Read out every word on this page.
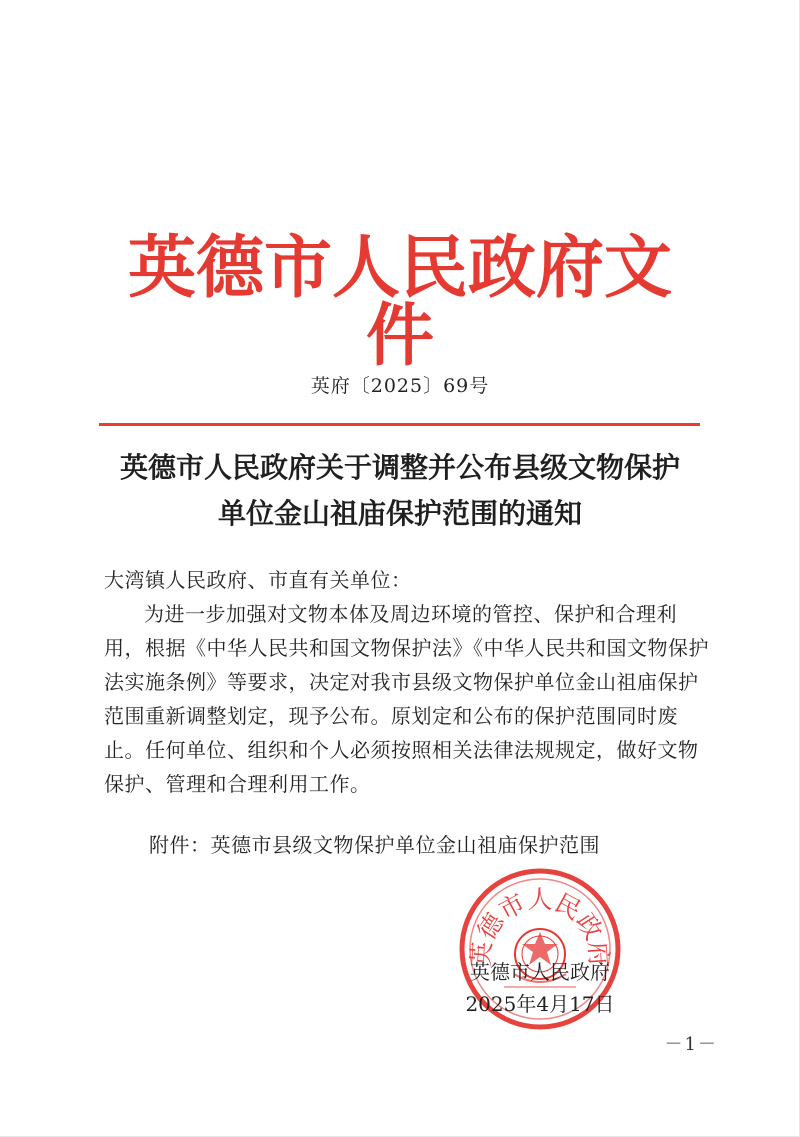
英德市人民政府文件
英府〔2025〕69号
英德市人民政府关于调整并公布县级文物保护
单位金山祖庙保护范围的通知

大湾镇人民政府、市直有关单位：

为进一步加强对文物本体及周边环境的管控、保护和合理利用，根据《中华人民共和国文物保护法》《中华人民共和国文物保护法实施条例》等要求，决定对我市县级文物保护单位金山祖庙保护范围重新调整划定，现予公布。原划定和公布的保护范围同时废止。任何单位、组织和个人必须按照相关法律法规规定，做好文物保护、管理和合理利用工作。

附件：英德市县级文物保护单位金山祖庙保护范围
英德市人民政府
英德市人民政府
2025年4月17日
－1－
